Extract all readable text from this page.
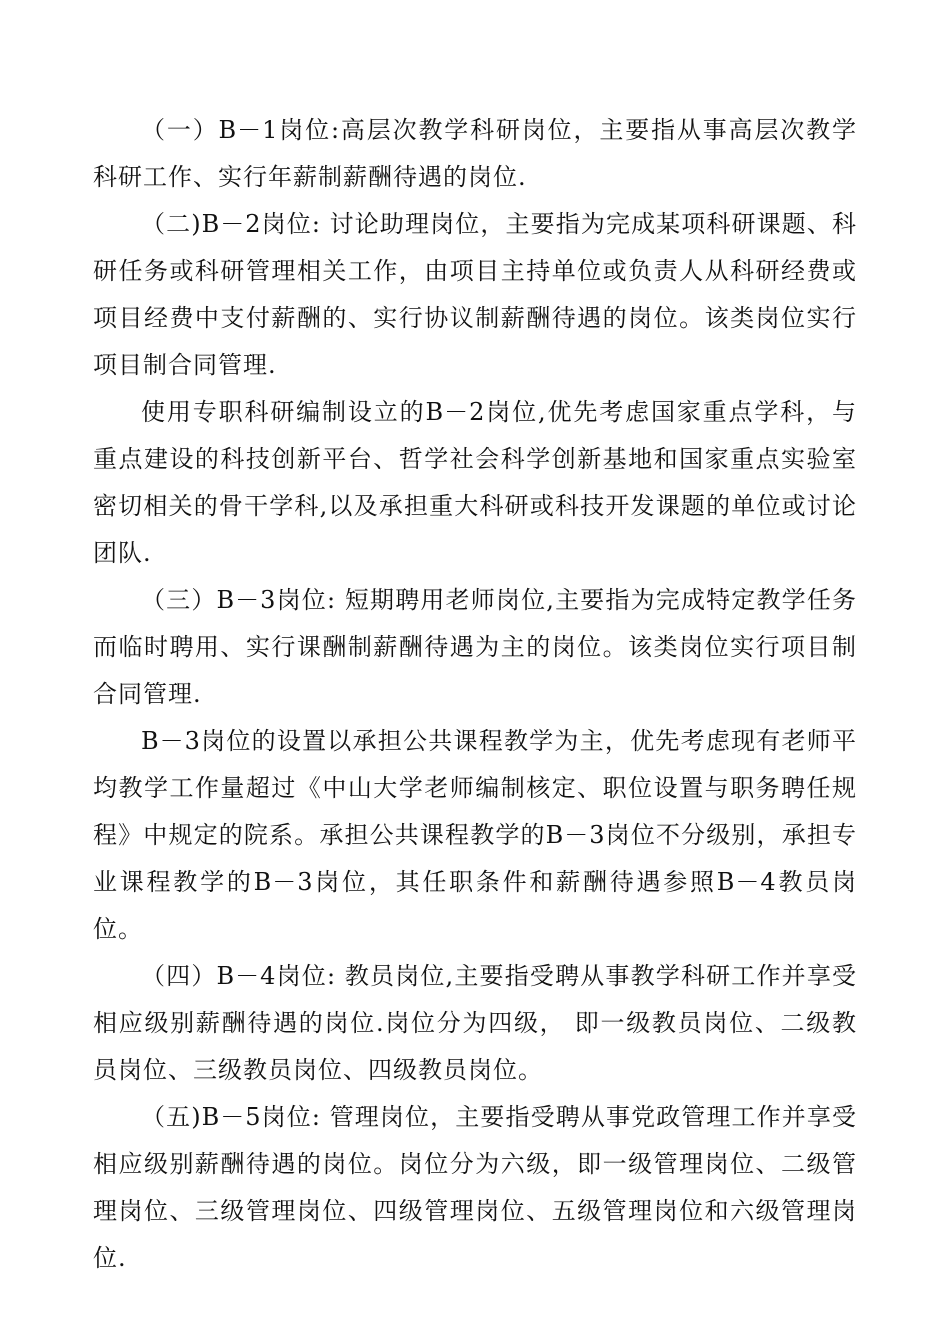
（一）B－1岗位:高层次教学科研岗位，主要指从事高层次教学科研工作、实行年薪制薪酬待遇的岗位.

（二)B－2岗位: 讨论助理岗位，主要指为完成某项科研课题、科研任务或科研管理相关工作，由项目主持单位或负责人从科研经费或项目经费中支付薪酬的、实行协议制薪酬待遇的岗位。该类岗位实行项目制合同管理.

使用专职科研编制设立的B－2岗位,优先考虑国家重点学科，与重点建设的科技创新平台、哲学社会科学创新基地和国家重点实验室密切相关的骨干学科,以及承担重大科研或科技开发课题的单位或讨论团队.

（三）B－3岗位: 短期聘用老师岗位,主要指为完成特定教学任务而临时聘用、实行课酬制薪酬待遇为主的岗位。该类岗位实行项目制合同管理.

B－3岗位的设置以承担公共课程教学为主，优先考虑现有老师平均教学工作量超过《中山大学老师编制核定、职位设置与职务聘任规程》中规定的院系。承担公共课程教学的B－3岗位不分级别，承担专业课程教学的B－3岗位，其任职条件和薪酬待遇参照B－4教员岗位。

（四）B－4岗位: 教员岗位,主要指受聘从事教学科研工作并享受相应级别薪酬待遇的岗位.岗位分为四级， 即一级教员岗位、二级教员岗位、三级教员岗位、四级教员岗位。

（五)B－5岗位: 管理岗位，主要指受聘从事党政管理工作并享受相应级别薪酬待遇的岗位。岗位分为六级，即一级管理岗位、二级管理岗位、三级管理岗位、四级管理岗位、五级管理岗位和六级管理岗位.
